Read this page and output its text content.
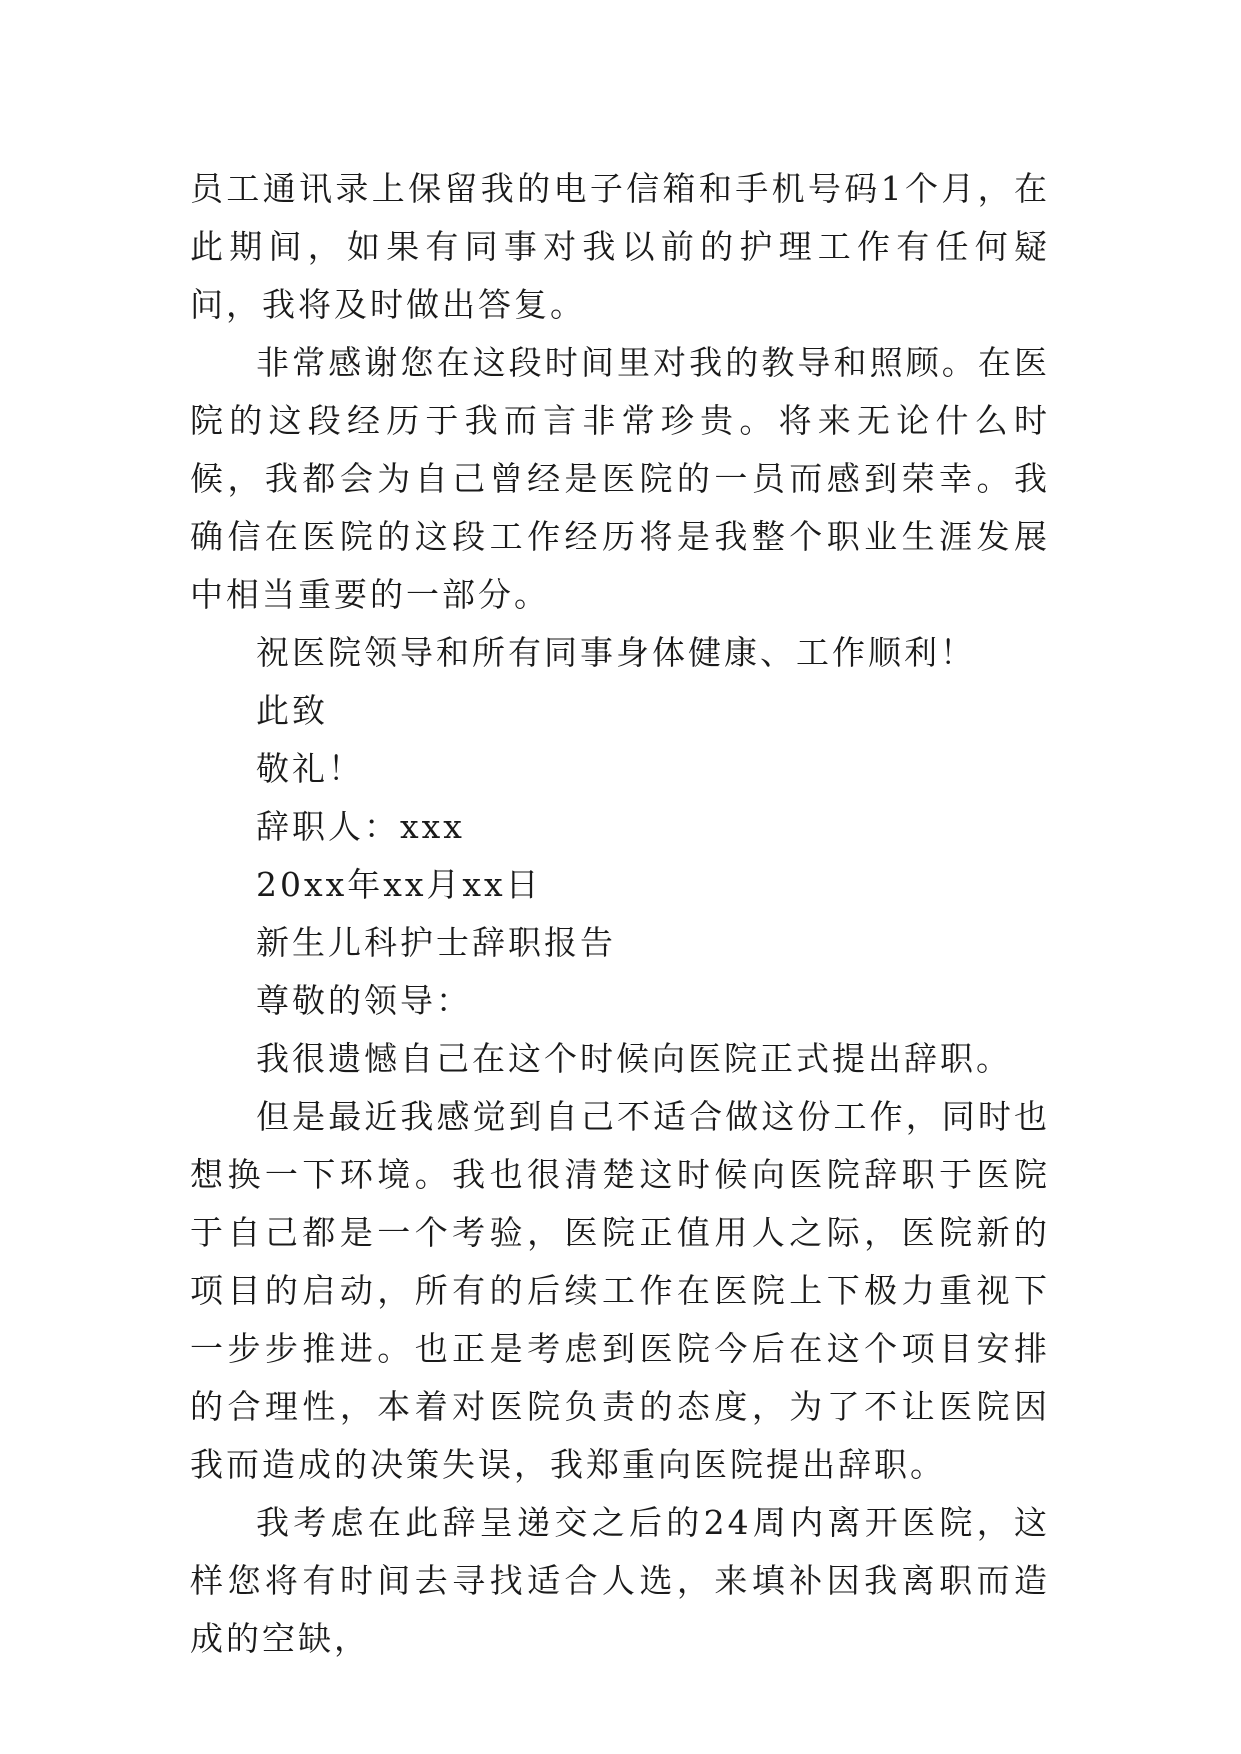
员工通讯录上保留我的电子信箱和手机号码1个月，在此期间，如果有同事对我以前的护理工作有任何疑问，我将及时做出答复。

非常感谢您在这段时间里对我的教导和照顾。在医院的这段经历于我而言非常珍贵。将来无论什么时候，我都会为自己曾经是医院的一员而感到荣幸。我确信在医院的这段工作经历将是我整个职业生涯发展中相当重要的一部分。

祝医院领导和所有同事身体健康、工作顺利！

此致

敬礼！

辞职人：xxx

20xx年xx月xx日

新生儿科护士辞职报告

尊敬的领导：

我很遗憾自己在这个时候向医院正式提出辞职。

但是最近我感觉到自己不适合做这份工作，同时也想换一下环境。我也很清楚这时候向医院辞职于医院于自己都是一个考验，医院正值用人之际，医院新的项目的启动，所有的后续工作在医院上下极力重视下一步步推进。也正是考虑到医院今后在这个项目安排的合理性，本着对医院负责的态度，为了不让医院因我而造成的决策失误，我郑重向医院提出辞职。

我考虑在此辞呈递交之后的24周内离开医院，这样您将有时间去寻找适合人选，来填补因我离职而造成的空缺，
